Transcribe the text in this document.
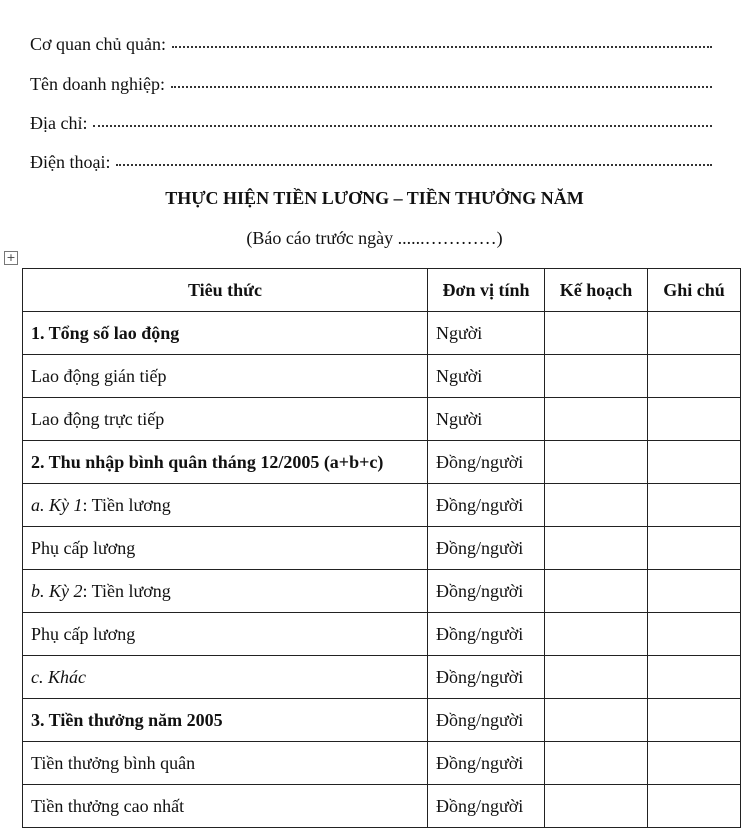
Cơ quan chủ quản:
Tên doanh nghiệp:
Địa chỉ:
Điện thoại:
THỰC HIỆN TIỀN LƯƠNG – TIỀN THƯỞNG NĂM
(Báo cáo trước ngày ......…………)
+
Tiêu thức	Đơn vị tính	Kế hoạch	Ghi chú
1. Tổng số lao động	Người		
Lao động gián tiếp	Người		
Lao động trực tiếp	Người		
2. Thu nhập bình quân tháng 12/2005 (a+b+c)	Đồng/người		
a. Kỳ 1: Tiền lương	Đồng/người		
Phụ cấp lương	Đồng/người		
b. Kỳ 2: Tiền lương	Đồng/người		
Phụ cấp lương	Đồng/người		
c. Khác	Đồng/người		
3. Tiền thưởng năm 2005	Đồng/người		
Tiền thưởng bình quân	Đồng/người		
Tiền thưởng cao nhất	Đồng/người		
